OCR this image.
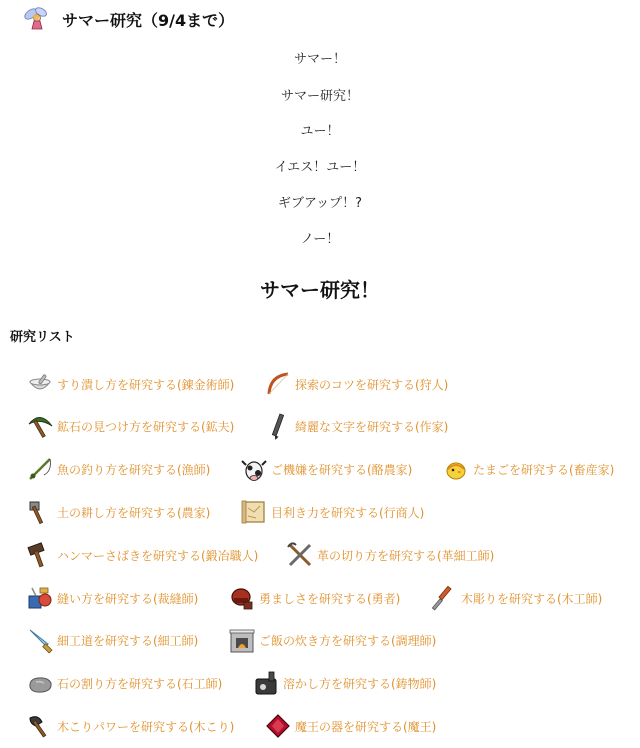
サマー研究（9/4まで）
サマー！
サマー研究！
ユー！
イエス！ユー！
ギブアップ！?
ノー！
サマー研究！
研究リスト
すり潰し方を研究する(錬金術師)	探索のコツを研究する(狩人)
鉱石の見つけ方を研究する(鉱夫)	綺麗な文字を研究する(作家)
魚の釣り方を研究する(漁師)	ご機嫌を研究する(酪農家)	たまごを研究する(畜産家)
土の耕し方を研究する(農家)	目利き力を研究する(行商人)
ハンマーさばきを研究する(鍛冶職人)	革の切り方を研究する(革細工師)
縫い方を研究する(裁縫師)	勇ましさを研究する(勇者)	木彫りを研究する(木工師)
細工道を研究する(細工師)	ご飯の炊き方を研究する(調理師)
石の割り方を研究する(石工師)	溶かし方を研究する(鋳物師)
木こりパワーを研究する(木こり)	魔王の器を研究する(魔王)
